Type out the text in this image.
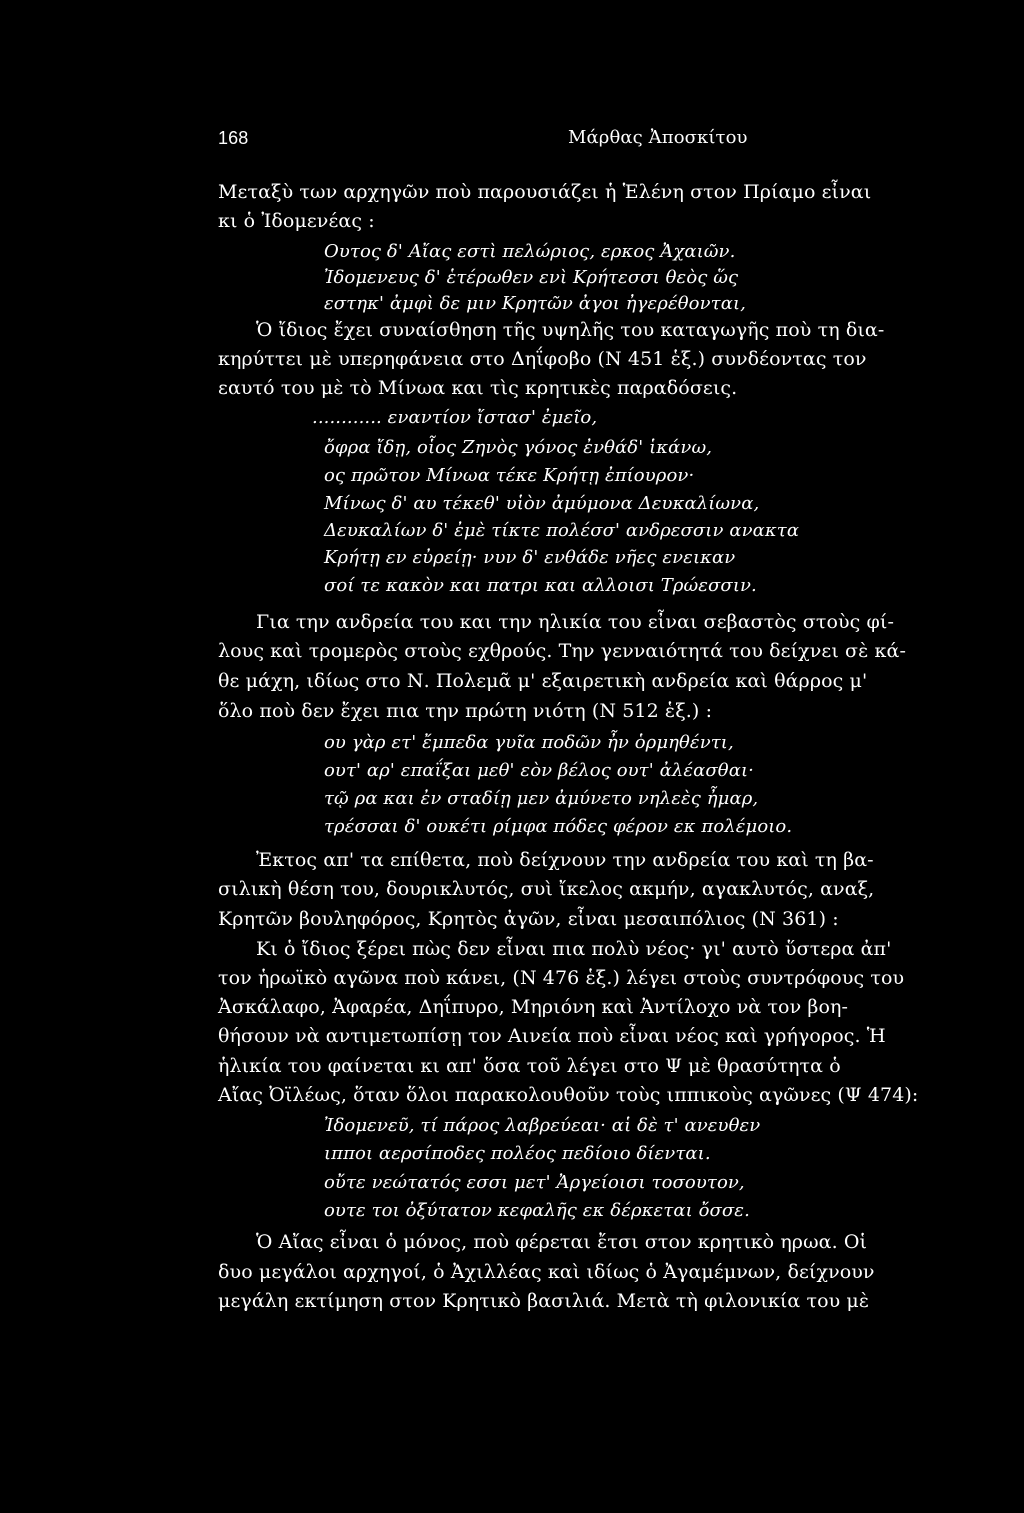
168	Μάρθας Ἀποσκίτου
Μεταξὺ των αρχηγῶν ποὺ παρουσιάζει ἡ Ἑλένη στον Πρίαμο εἶναι
κι ὁ Ἰδομενέας :
Ουτος δ' Αἴας εστὶ πελώριος, ερκος Ἀχαιῶν.
Ἰδομενευς δ' ἑτέρωθεν ενὶ Κρήτεσσι θεὸς ὥς
εστηκ' ἀμφὶ δε μιν Κρητῶν ἀγοι ἠγερέθονται,
Ὁ ἴδιος ἔχει συναίσθηση τῆς υψηλῆς του καταγωγῆς ποὺ τη δια-
κηρύττει μὲ υπερηφάνεια στο Δηΐφοβο (Ν 451 ἑξ.) συνδέοντας τον
εαυτό του μὲ τὸ Μίνωα και τὶς κρητικὲς παραδόσεις.
............ εναντίον ἴστασ' ἐμεῖο,
ὄφρα ἴδῃ, οἷος Ζηνὸς γόνος ἐνθάδ' ἱκάνω,
ος πρῶτον Μίνωα τέκε Κρήτῃ ἐπίουρον·
Μίνως δ' αυ τέκεθ' υἱὸν ἀμύμονα Δευκαλίωνα,
Δευκαλίων δ' ἐμὲ τίκτε πολέσσ' ανδρεσσιν ανακτα
Κρήτῃ εν εὐρείῃ· νυν δ' ενθάδε νῆες ενεικαν
σοί τε κακὸν και πατρι και αλλοισι Τρώεσσιν.
Για την ανδρεία του και την ηλικία του εἶναι σεβαστὸς στοὺς φί-
λους καὶ τρομερὸς στοὺς εχθρούς. Την γενναιότητά του δείχνει σὲ κά-
θε μάχη, ιδίως στο Ν. Πολεμᾶ μ' εξαιρετικὴ ανδρεία καὶ θάρρος μ'
ὅλο ποὺ δεν ἔχει πια την πρώτη νιότη (Ν 512 ἑξ.) :
ου γὰρ ετ' ἔμπεδα γυῖα ποδῶν ἦν ὁρμηθέντι,
ουτ' αρ' επαΐξαι μεθ' εὸν βέλος ουτ' ἀλέασθαι·
τῷ ρα και ἐν σταδίῃ μεν ἀμύνετο νηλεὲς ἦμαρ,
τρέσσαι δ' ουκέτι ρίμφα πόδες φέρον εκ πολέμοιο.
Ἐκτος απ' τα επίθετα, ποὺ δείχνουν την ανδρεία του καὶ τη βα-
σιλικὴ θέση του, δουρικλυτός, συὶ ἴκελος ακμήν, αγακλυτός, αναξ,
Κρητῶν βουληφόρος, Κρητὸς ἀγῶν, εἶναι μεσαιπόλιος (Ν 361) :
Κι ὁ ἴδιος ξέρει πὼς δεν εἶναι πια πολὺ νέος· γι' αυτὸ ὕστερα ἀπ'
τον ἡρωϊκὸ αγῶνα ποὺ κάνει, (Ν 476 ἑξ.) λέγει στοὺς συντρόφους του
Ἀσκάλαφο, Ἀφαρέα, Δηΐπυρο, Μηριόνη καὶ Ἀντίλοχο νὰ τον βοη-
θήσουν νὰ αντιμετωπίσῃ τον Αινεία ποὺ εἶναι νέος καὶ γρήγορος. Ἡ
ἡλικία του φαίνεται κι απ' ὅσα τοῦ λέγει στο Ψ μὲ θρασύτητα ὁ
Αἴας Ὀϊλέως, ὅταν ὅλοι παρακολουθοῦν τοὺς ιππικοὺς αγῶνες (Ψ 474):
Ἰδομενεῦ, τί πάρος λαβρεύεαι· αἱ δὲ τ' ανευθεν
ιπποι αερσίποδες πολέος πεδίοιο δίενται.
οὔτε νεώτατός εσσι μετ' Ἀργείοισι τοσουτον,
ουτε τοι ὀξύτατον κεφαλῆς εκ δέρκεται ὄσσε.
Ὁ Αἴας εἶναι ὁ μόνος, ποὺ φέρεται ἔτσι στον κρητικὸ ηρωα. Οἱ
δυο μεγάλοι αρχηγοί, ὁ Ἀχιλλέας καὶ ιδίως ὁ Ἀγαμέμνων, δείχνουν
μεγάλη εκτίμηση στον Κρητικὸ βασιλιά. Μετὰ τὴ φιλονικία του μὲ
